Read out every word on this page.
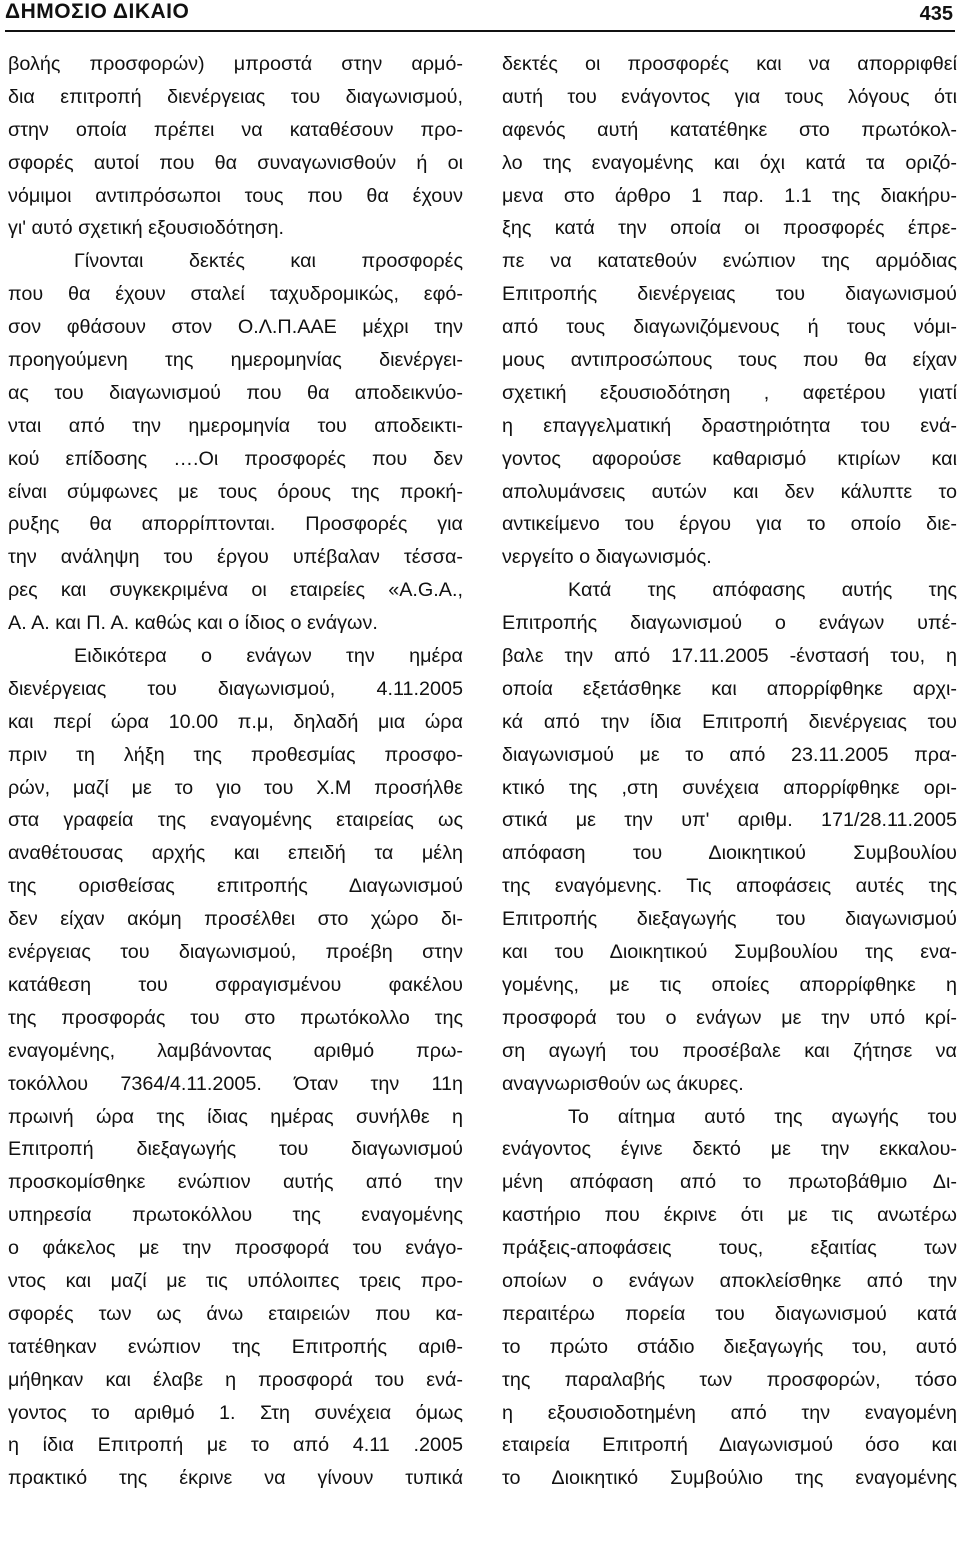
ΔΗΜΟΣΙΟ ΔΙΚΑΙΟ	435
βολής προσφορών) μπροστά στην αρμό-
δια επιτροπή διενέργειας του διαγωνισμού,
στην οποία πρέπει να καταθέσουν προ-
σφορές αυτοί που θα συναγωνισθούν ή οι
νόμιμοι αντιπρόσωποι τους που θα έχουν
γι' αυτό σχετική εξουσιοδότηση.
Γίνονται δεκτές και προσφορές
που θα έχουν σταλεί ταχυδρομικώς, εφό-
σον φθάσουν στον Ο.Λ.Π.ΑΑΕ μέχρι την
προηγούμενη της ημερομηνίας διενέργει-
ας του διαγωνισμού που θα αποδεικνύο-
νται από την ημερομηνία του αποδεικτι-
κού επίδοσης ….Οι προσφορές που δεν
είναι σύμφωνες με τους όρους της προκή-
ρυξης θα απορρίπτονται. Προσφορές για
την ανάληψη του έργου υπέβαλαν τέσσα-
ρες και συγκεκριμένα οι εταιρείες «Α.G.Α.,
Α. Α. και Π. Α. καθώς και ο ίδιος ο ενάγων.
Ειδικότερα ο ενάγων την ημέρα
διενέργειας του διαγωνισμού, 4.11.2005
και περί ώρα 10.00 π.μ, δηλαδή μια ώρα
πριν τη λήξη της προθεσμίας προσφο-
ρών, μαζί με το γιο του Χ.Μ προσήλθε
στα γραφεία της εναγομένης εταιρείας ως
αναθέτουσας αρχής και επειδή τα μέλη
της ορισθείσας επιτροπής Διαγωνισμού
δεν είχαν ακόμη προσέλθει στο χώρο δι-
ενέργειας του διαγωνισμού, προέβη στην
κατάθεση του σφραγισμένου φακέλου
της προσφοράς του στο πρωτόκολλο της
εναγομένης, λαμβάνοντας αριθμό πρω-
τοκόλλου 7364/4.11.2005. Όταν την 11η
πρωινή ώρα της ίδιας ημέρας συνήλθε η
Επιτροπή διεξαγωγής του διαγωνισμού
προσκομίσθηκε ενώπιον αυτής από την
υπηρεσία πρωτοκόλλου της εναγομένης
ο φάκελος με την προσφορά του ενάγο-
ντος και μαζί με τις υπόλοιπες τρεις προ-
σφορές των ως άνω εταιρειών που κα-
τατέθηκαν ενώπιον της Επιτροπής αριθ-
μήθηκαν και έλαβε η προσφορά του ενά-
γοντος το αριθμό 1. Στη συνέχεια όμως
η ίδια Επιτροπή με το από 4.11 .2005
πρακτικό της έκρινε να γίνουν τυπικά
δεκτές οι προσφορές και να απορριφθεί
αυτή του ενάγοντος για τους λόγους ότι
αφενός αυτή κατατέθηκε στο πρωτόκολ-
λο της εναγομένης και όχι κατά τα οριζό-
μενα στο άρθρο 1 παρ. 1.1 της διακήρυ-
ξης κατά την οποία οι προσφορές έπρε-
πε να κατατεθούν ενώπιον της αρμόδιας
Επιτροπής διενέργειας του διαγωνισμού
από τους διαγωνιζόμενους ή τους νόμι-
μους αντιπροσώπους τους που θα είχαν
σχετική εξουσιοδότηση , αφετέρου γιατί
η επαγγελματική δραστηριότητα του ενά-
γοντος αφορούσε καθαρισμό κτιρίων και
απολυμάνσεις αυτών και δεν κάλυπτε το
αντικείμενο του έργου για το οποίο διε-
νεργείτο ο διαγωνισμός.
Κατά της απόφασης αυτής της
Επιτροπής διαγωνισμού ο ενάγων υπέ-
βαλε την από 17.11.2005 -ένστασή του, η
οποία εξετάσθηκε και απορρίφθηκε αρχι-
κά από την ίδια Επιτροπή διενέργειας του
διαγωνισμού με το από 23.11.2005 πρα-
κτικό της ,στη συνέχεια απορρίφθηκε ορι-
στικά με την υπ' αριθμ. 171/28.11.2005
απόφαση του Διοικητικού Συμβουλίου
της εναγόμενης. Τις αποφάσεις αυτές της
Επιτροπής διεξαγωγής του διαγωνισμού
και του Διοικητικού Συμβουλίου της ενα-
γομένης, με τις οποίες απορρίφθηκε η
προσφορά του ο ενάγων με την υπό κρί-
ση αγωγή του προσέβαλε και ζήτησε να
αναγνωρισθούν ως άκυρες.
Το αίτημα αυτό της αγωγής του
ενάγοντος έγινε δεκτό με την εκκαλου-
μένη απόφαση από το πρωτοβάθμιο Δι-
καστήριο που έκρινε ότι με τις ανωτέρω
πράξεις-αποφάσεις τους, εξαιτίας των
οποίων ο ενάγων αποκλείσθηκε από την
περαιτέρω πορεία του διαγωνισμού κατά
το πρώτο στάδιο διεξαγωγής του, αυτό
της παραλαβής των προσφορών, τόσο
η εξουσιοδοτημένη από την εναγομένη
εταιρεία Επιτροπή Διαγωνισμού όσο και
το Διοικητικό Συμβούλιο της εναγομένης
